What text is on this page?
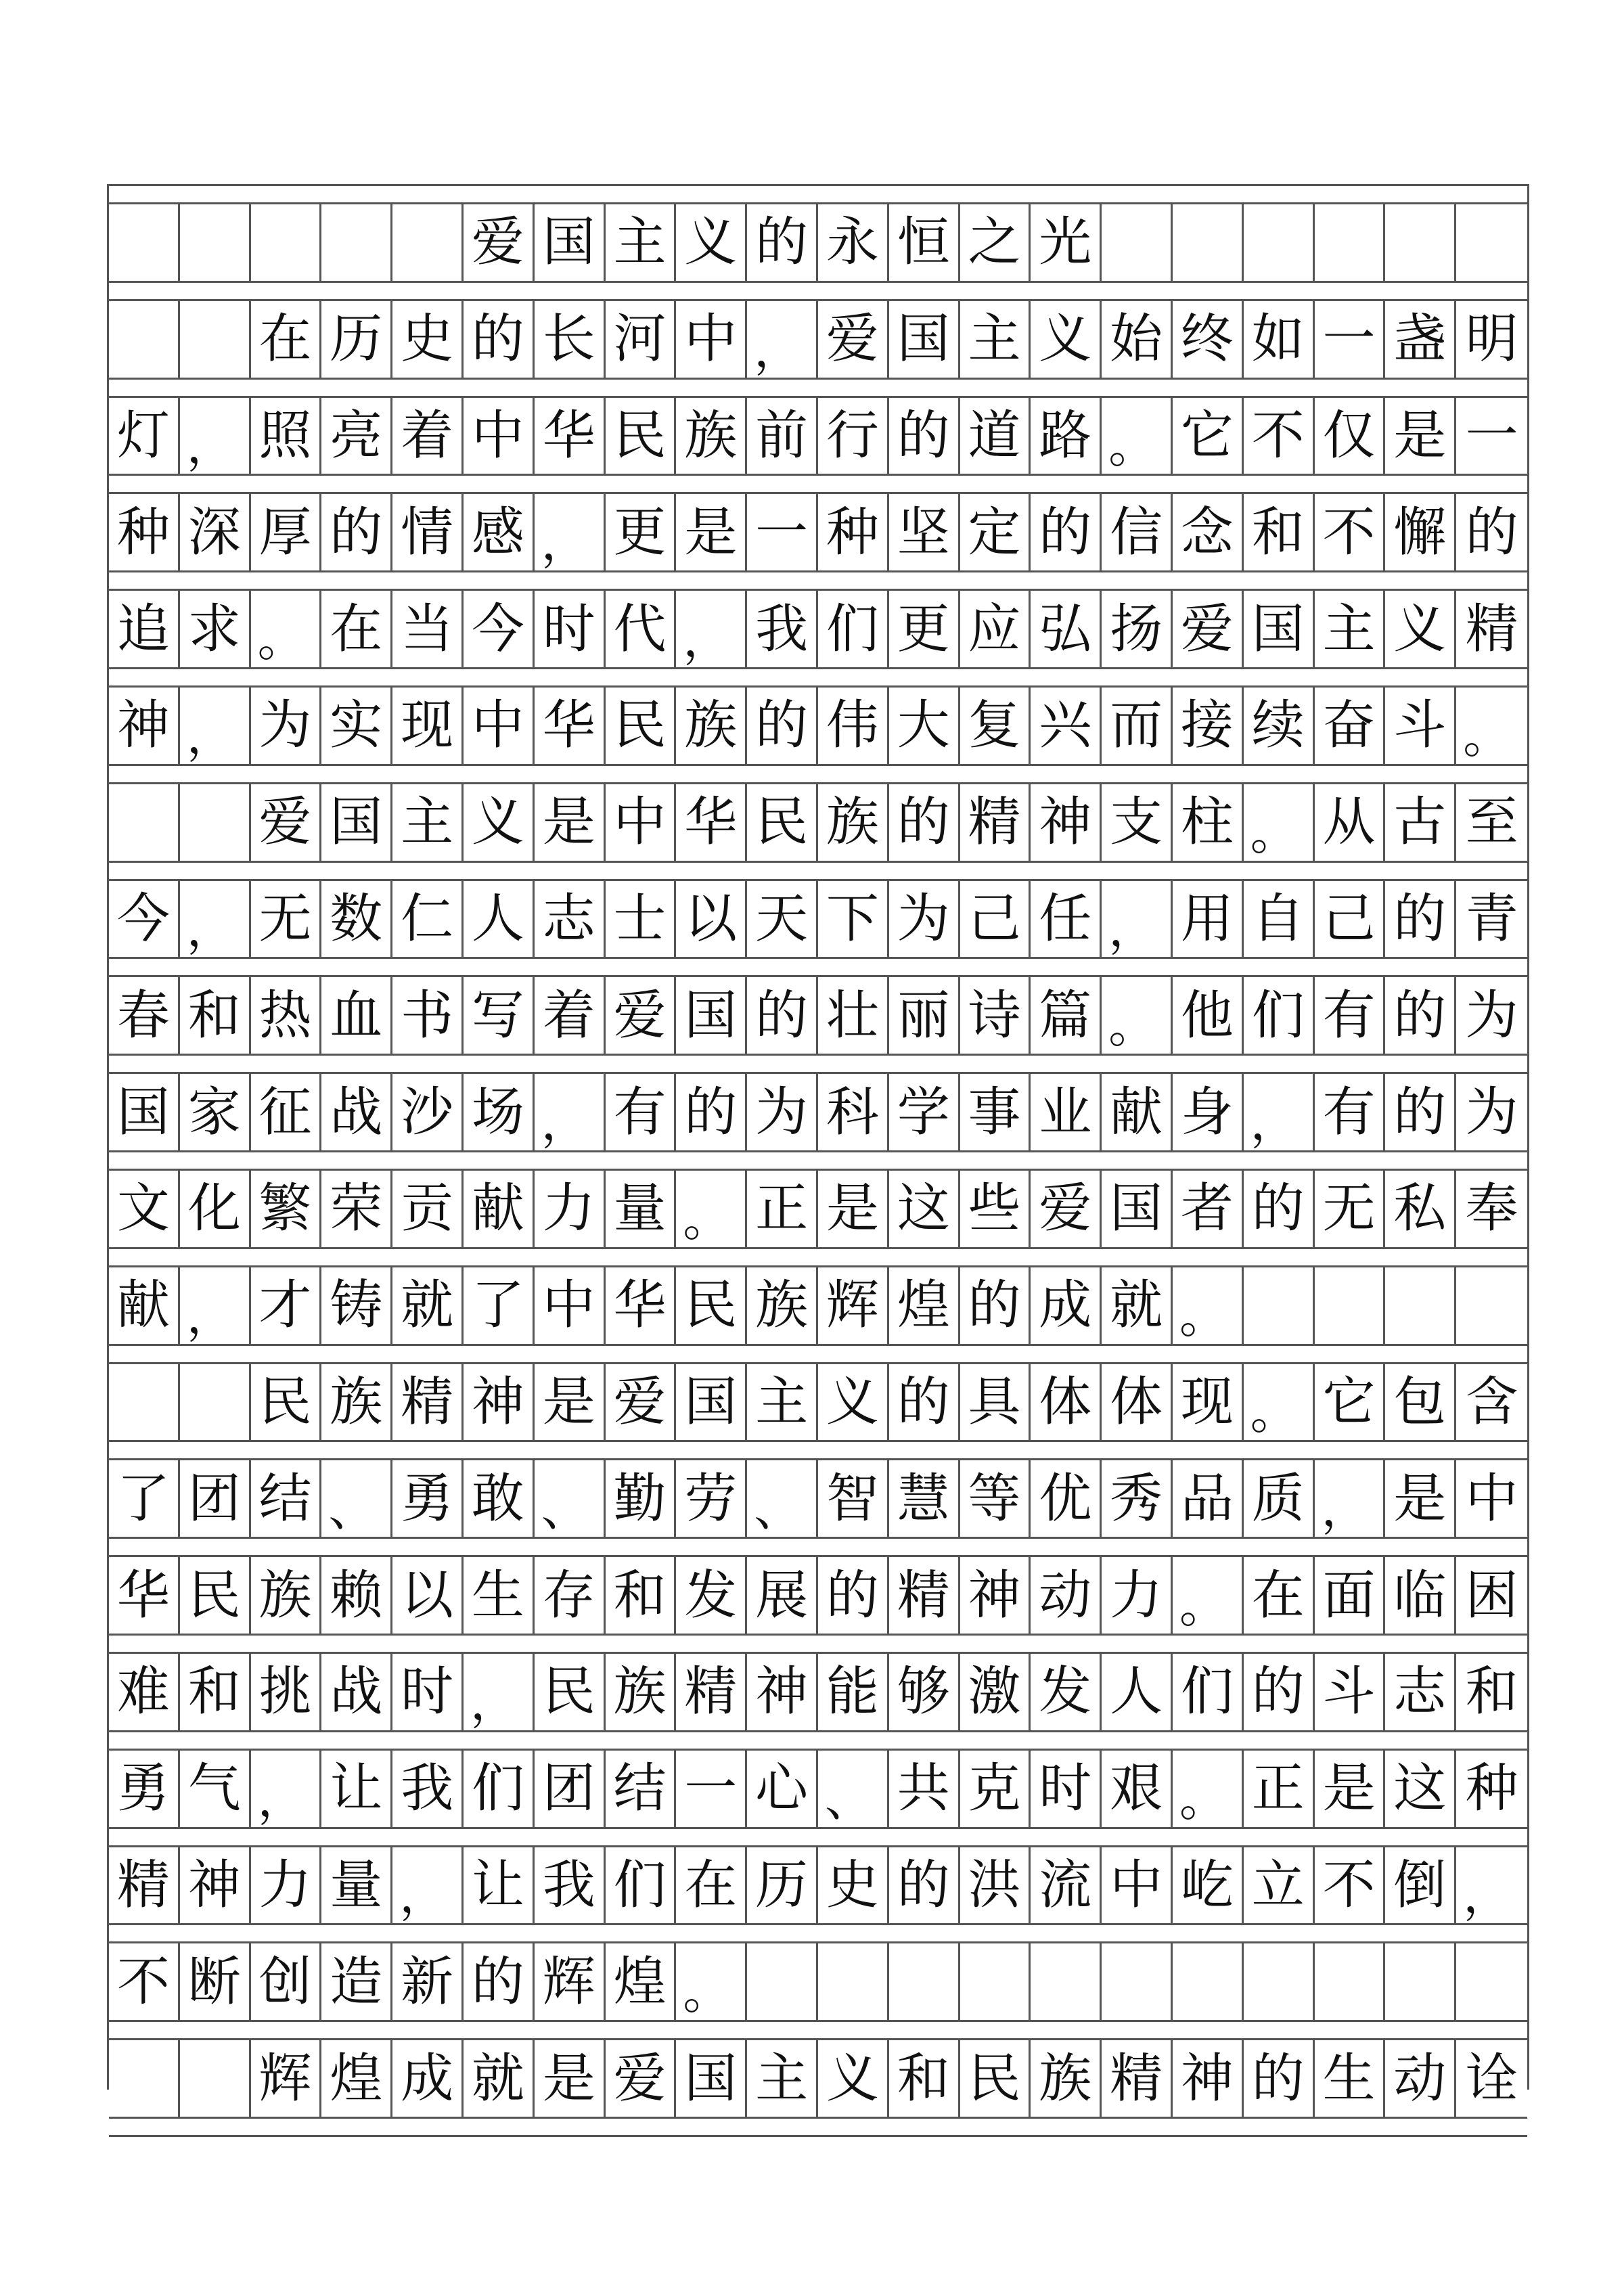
爱 国 主 义 的 永 恒 之 光
在 历 史 的 长 河 中 ， 爱 国 主 义 始 终 如 一 盏 明
灯 ， 照 亮 着 中 华 民 族 前 行 的 道 路 。 它 不 仅 是 一
种 深 厚 的 情 感 ， 更 是 一 种 坚 定 的 信 念 和 不 懈 的
追 求 。 在 当 今 时 代 ， 我 们 更 应 弘 扬 爱 国 主 义 精
神 ， 为 实 现 中 华 民 族 的 伟 大 复 兴 而 接 续 奋 斗 。
爱 国 主 义 是 中 华 民 族 的 精 神 支 柱 。 从 古 至
今 ， 无 数 仁 人 志 士 以 天 下 为 己 任 ， 用 自 己 的 青
春 和 热 血 书 写 着 爱 国 的 壮 丽 诗 篇 。 他 们 有 的 为
国 家 征 战 沙 场 ， 有 的 为 科 学 事 业 献 身 ， 有 的 为
文 化 繁 荣 贡 献 力 量 。 正 是 这 些 爱 国 者 的 无 私 奉
献 ， 才 铸 就 了 中 华 民 族 辉 煌 的 成 就 。
民 族 精 神 是 爱 国 主 义 的 具 体 体 现 。 它 包 含
了 团 结 、 勇 敢 、 勤 劳 、 智 慧 等 优 秀 品 质 ， 是 中
华 民 族 赖 以 生 存 和 发 展 的 精 神 动 力 。 在 面 临 困
难 和 挑 战 时 ， 民 族 精 神 能 够 激 发 人 们 的 斗 志 和
勇 气 ， 让 我 们 团 结 一 心 、 共 克 时 艰 。 正 是 这 种
精 神 力 量 ， 让 我 们 在 历 史 的 洪 流 中 屹 立 不 倒 ，
不 断 创 造 新 的 辉 煌 。
辉 煌 成 就 是 爱 国 主 义 和 民 族 精 神 的 生 动 诠
